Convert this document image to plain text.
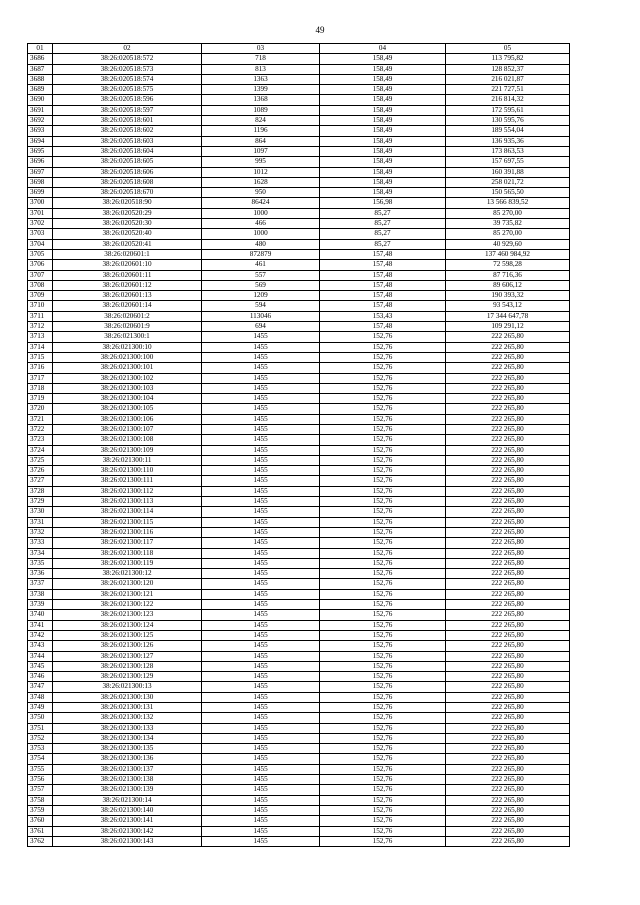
49
01	02	03	04	05
3686	38:26:020518:572	718	158,49	113 795,82
3687	38:26:020518:573	813	158,49	128 852,37
3688	38:26:020518:574	1363	158,49	216 021,87
3689	38:26:020518:575	1399	158,49	221 727,51
3690	38:26:020518:596	1368	158,49	216 814,32
3691	38:26:020518:597	1089	158,49	172 595,61
3692	38:26:020518:601	824	158,49	130 595,76
3693	38:26:020518:602	1196	158,49	189 554,04
3694	38:26:020518:603	864	158,49	136 935,36
3695	38:26:020518:604	1097	158,49	173 863,53
3696	38:26:020518:605	995	158,49	157 697,55
3697	38:26:020518:606	1012	158,49	160 391,88
3698	38:26:020518:608	1628	158,49	258 021,72
3699	38:26:020518:670	950	158,49	150 565,50
3700	38:26:020518:90	86424	156,98	13 566 839,52
3701	38:26:020520:29	1000	85,27	85 270,00
3702	38:26:020520:30	466	85,27	39 735,82
3703	38:26:020520:40	1000	85,27	85 270,00
3704	38:26:020520:41	480	85,27	40 929,60
3705	38:26:020601:1	872879	157,48	137 460 984,92
3706	38:26:020601:10	461	157,48	72 598,28
3707	38:26:020601:11	557	157,48	87 716,36
3708	38:26:020601:12	569	157,48	89 606,12
3709	38:26:020601:13	1209	157,48	190 393,32
3710	38:26:020601:14	594	157,48	93 543,12
3711	38:26:020601:2	113046	153,43	17 344 647,78
3712	38:26:020601:9	694	157,48	109 291,12
3713	38:26:021300:1	1455	152,76	222 265,80
3714	38:26:021300:10	1455	152,76	222 265,80
3715	38:26:021300:100	1455	152,76	222 265,80
3716	38:26:021300:101	1455	152,76	222 265,80
3717	38:26:021300:102	1455	152,76	222 265,80
3718	38:26:021300:103	1455	152,76	222 265,80
3719	38:26:021300:104	1455	152,76	222 265,80
3720	38:26:021300:105	1455	152,76	222 265,80
3721	38:26:021300:106	1455	152,76	222 265,80
3722	38:26:021300:107	1455	152,76	222 265,80
3723	38:26:021300:108	1455	152,76	222 265,80
3724	38:26:021300:109	1455	152,76	222 265,80
3725	38:26:021300:11	1455	152,76	222 265,80
3726	38:26:021300:110	1455	152,76	222 265,80
3727	38:26:021300:111	1455	152,76	222 265,80
3728	38:26:021300:112	1455	152,76	222 265,80
3729	38:26:021300:113	1455	152,76	222 265,80
3730	38:26:021300:114	1455	152,76	222 265,80
3731	38:26:021300:115	1455	152,76	222 265,80
3732	38:26:021300:116	1455	152,76	222 265,80
3733	38:26:021300:117	1455	152,76	222 265,80
3734	38:26:021300:118	1455	152,76	222 265,80
3735	38:26:021300:119	1455	152,76	222 265,80
3736	38:26:021300:12	1455	152,76	222 265,80
3737	38:26:021300:120	1455	152,76	222 265,80
3738	38:26:021300:121	1455	152,76	222 265,80
3739	38:26:021300:122	1455	152,76	222 265,80
3740	38:26:021300:123	1455	152,76	222 265,80
3741	38:26:021300:124	1455	152,76	222 265,80
3742	38:26:021300:125	1455	152,76	222 265,80
3743	38:26:021300:126	1455	152,76	222 265,80
3744	38:26:021300:127	1455	152,76	222 265,80
3745	38:26:021300:128	1455	152,76	222 265,80
3746	38:26:021300:129	1455	152,76	222 265,80
3747	38:26:021300:13	1455	152,76	222 265,80
3748	38:26:021300:130	1455	152,76	222 265,80
3749	38:26:021300:131	1455	152,76	222 265,80
3750	38:26:021300:132	1455	152,76	222 265,80
3751	38:26:021300:133	1455	152,76	222 265,80
3752	38:26:021300:134	1455	152,76	222 265,80
3753	38:26:021300:135	1455	152,76	222 265,80
3754	38:26:021300:136	1455	152,76	222 265,80
3755	38:26:021300:137	1455	152,76	222 265,80
3756	38:26:021300:138	1455	152,76	222 265,80
3757	38:26:021300:139	1455	152,76	222 265,80
3758	38:26:021300:14	1455	152,76	222 265,80
3759	38:26:021300:140	1455	152,76	222 265,80
3760	38:26:021300:141	1455	152,76	222 265,80
3761	38:26:021300:142	1455	152,76	222 265,80
3762	38:26:021300:143	1455	152,76	222 265,80
